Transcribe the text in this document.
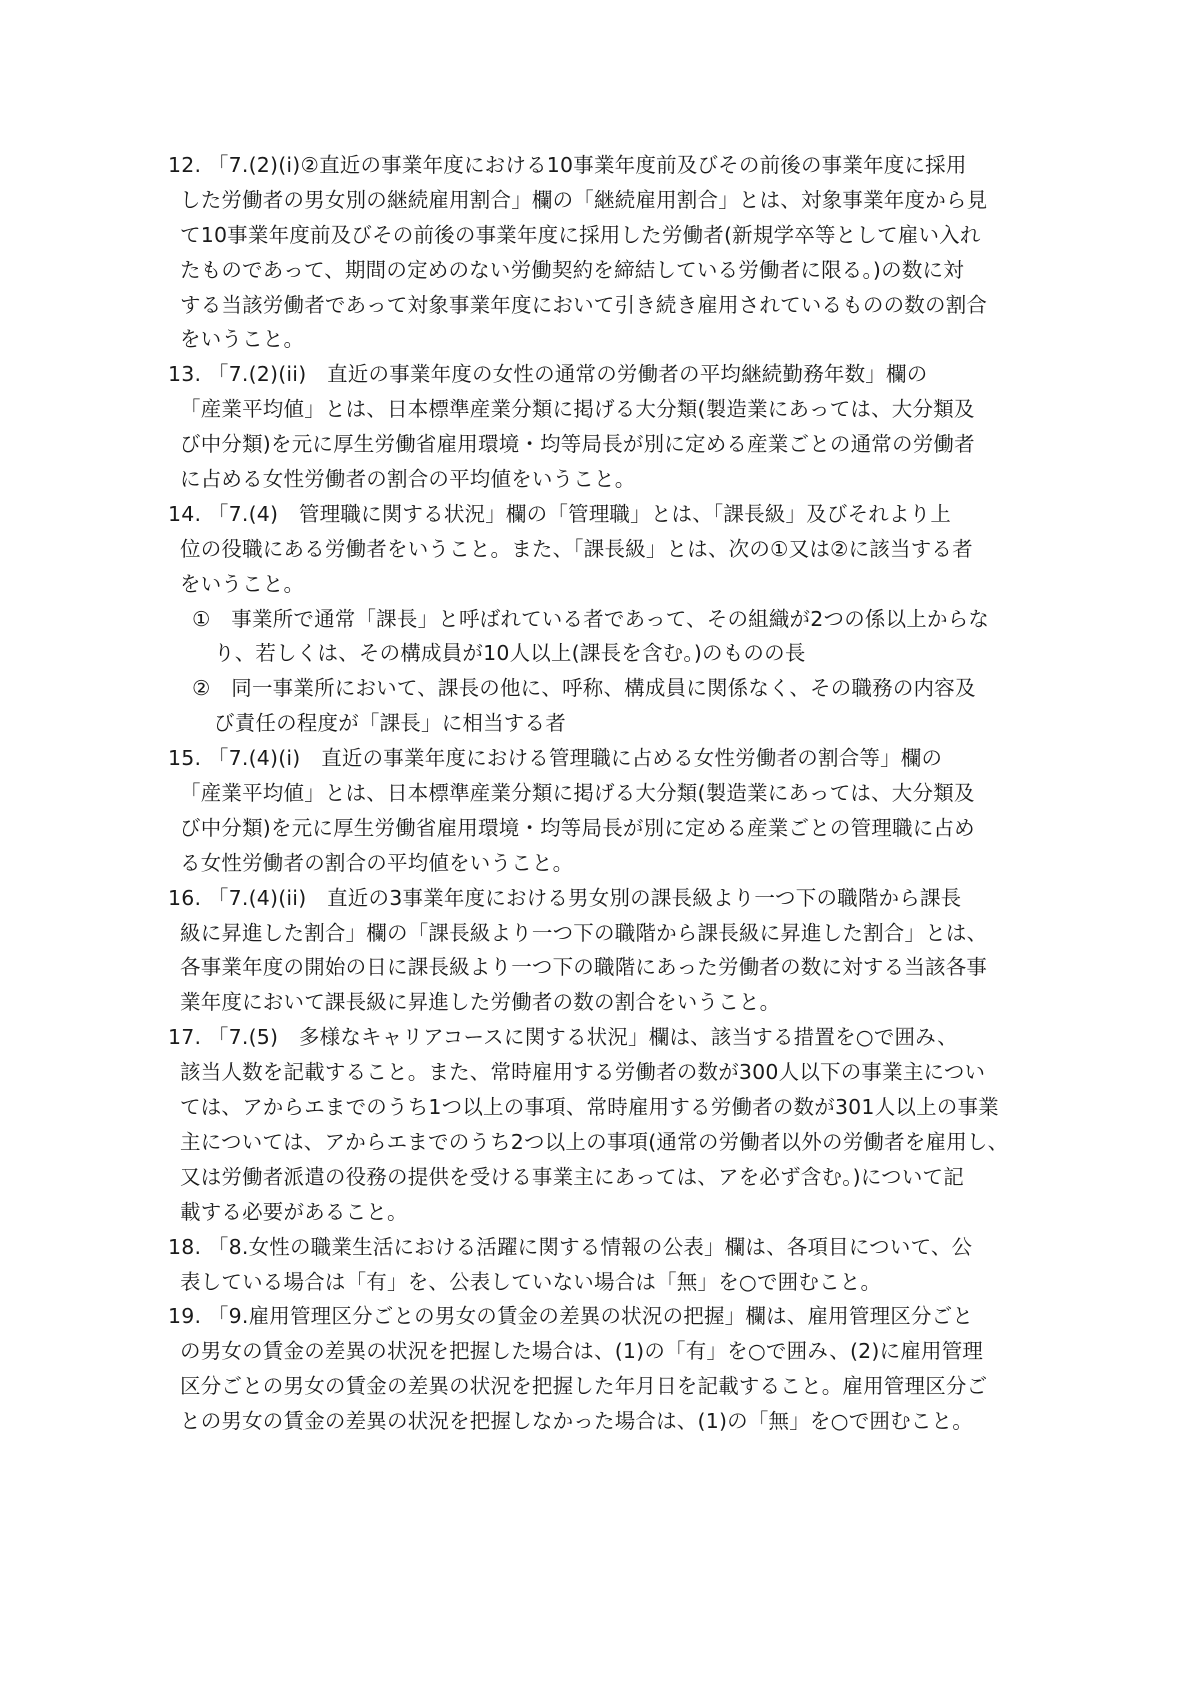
12. 「7.(2)(i)②直近の事業年度における10事業年度前及びその前後の事業年度に採用
した労働者の男女別の継続雇用割合」欄の「継続雇用割合」とは、対象事業年度から見
て10事業年度前及びその前後の事業年度に採用した労働者(新規学卒等として雇い入れ
たものであって、期間の定めのない労働契約を締結している労働者に限る。)の数に対
する当該労働者であって対象事業年度において引き続き雇用されているものの数の割合
をいうこと。
13. 「7.(2)(ii)　直近の事業年度の女性の通常の労働者の平均継続勤務年数」欄の
「産業平均値」とは、日本標準産業分類に掲げる大分類(製造業にあっては、大分類及
び中分類)を元に厚生労働省雇用環境・均等局長が別に定める産業ごとの通常の労働者
に占める女性労働者の割合の平均値をいうこと。
14. 「7.(4)　管理職に関する状況」欄の「管理職」とは、「課長級」及びそれより上
位の役職にある労働者をいうこと。また、「課長級」とは、次の①又は②に該当する者
をいうこと。
①　事業所で通常「課長」と呼ばれている者であって、その組織が2つの係以上からな
り、若しくは、その構成員が10人以上(課長を含む。)のものの長
②　同一事業所において、課長の他に、呼称、構成員に関係なく、その職務の内容及
び責任の程度が「課長」に相当する者
15. 「7.(4)(i)　直近の事業年度における管理職に占める女性労働者の割合等」欄の
「産業平均値」とは、日本標準産業分類に掲げる大分類(製造業にあっては、大分類及
び中分類)を元に厚生労働省雇用環境・均等局長が別に定める産業ごとの管理職に占め
る女性労働者の割合の平均値をいうこと。
16. 「7.(4)(ii)　直近の3事業年度における男女別の課長級より一つ下の職階から課長
級に昇進した割合」欄の「課長級より一つ下の職階から課長級に昇進した割合」とは、
各事業年度の開始の日に課長級より一つ下の職階にあった労働者の数に対する当該各事
業年度において課長級に昇進した労働者の数の割合をいうこと。
17. 「7.(5)　多様なキャリアコースに関する状況」欄は、該当する措置を○で囲み、
該当人数を記載すること。また、常時雇用する労働者の数が300人以下の事業主につい
ては、アからエまでのうち1つ以上の事項、常時雇用する労働者の数が301人以上の事業
主については、アからエまでのうち2つ以上の事項(通常の労働者以外の労働者を雇用し、
又は労働者派遣の役務の提供を受ける事業主にあっては、アを必ず含む。)について記
載する必要があること。
18. 「8.女性の職業生活における活躍に関する情報の公表」欄は、各項目について、公
表している場合は「有」を、公表していない場合は「無」を○で囲むこと。
19. 「9.雇用管理区分ごとの男女の賃金の差異の状況の把握」欄は、雇用管理区分ごと
の男女の賃金の差異の状況を把握した場合は、(1)の「有」を○で囲み、(2)に雇用管理
区分ごとの男女の賃金の差異の状況を把握した年月日を記載すること。雇用管理区分ご
との男女の賃金の差異の状況を把握しなかった場合は、(1)の「無」を○で囲むこと。
